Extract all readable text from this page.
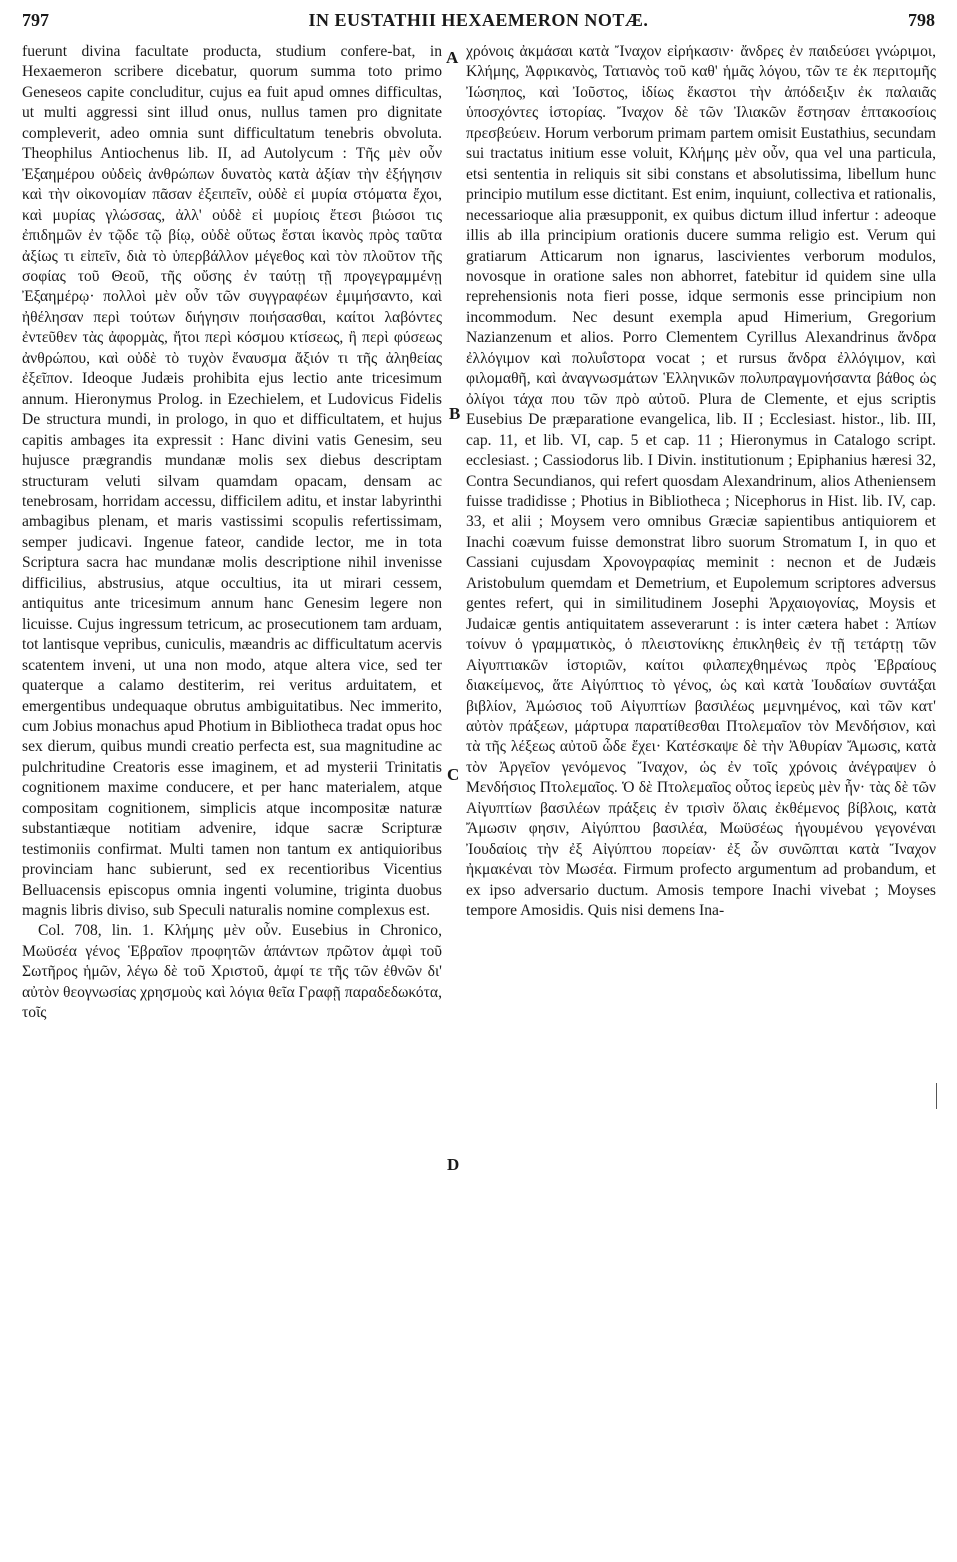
797	IN EUSTATHII HEXAEMERON NOTÆ.	798

fuerunt divina facultate producta, studium confere-bat, in Hexaemeron scribere dicebatur, quorum summa toto primo Geneseos capite concluditur, cujus ea fuit apud omnes difficultas, ut multi aggressi sint illud onus, nullus tamen pro dignitate compleverit, adeo omnia sunt difficultatum tenebris obvoluta. Theophilus Antiochenus lib. II, ad Autolycum : Τῆς μὲν οὖν Ἐξαημέρου οὐδεὶς ἀνθρώπων δυνατὸς κατὰ ἀξίαν τὴν ἐξήγησιν καὶ τὴν οἰκονομίαν πᾶσαν ἐξειπεῖν, οὐδὲ εἰ μυρία στόματα ἔχοι, καὶ μυρίας γλώσσας, ἀλλ' οὐδὲ εἰ μυρίοις ἔτεσι βιώσοι τις ἐπιδημῶν ἐν τῷδε τῷ βίῳ, οὐδὲ οὕτως ἔσται ἱκανὸς πρὸς ταῦτα ἀξίως τι εἰπεῖν, διὰ τὸ ὑπερβάλλον μέγεθος καὶ τὸν πλοῦτον τῆς σοφίας τοῦ Θεοῦ, τῆς οὔσης ἐν ταύτῃ τῇ προγεγραμμένῃ Ἐξαημέρῳ· πολλοὶ μὲν οὖν τῶν συγγραφέων ἐμιμήσαντο, καὶ ἠθέλησαν περὶ τούτων διήγησιν ποιήσασθαι, καίτοι λαβόντες ἐντεῦθεν τὰς ἀφορμὰς, ἤτοι περὶ κόσμου κτίσεως, ἢ περὶ φύσεως ἀνθρώπου, καὶ οὐδὲ τὸ τυχὸν ἔναυσμα ἄξιόν τι τῆς ἀληθείας ἐξεῖπον. Ideoque Judæis prohibita ejus lectio ante tricesimum annum. Hieronymus Prolog. in Ezechielem, et Ludovicus Fidelis De structura mundi, in prologo, in quo et difficultatem, et hujus capitis ambages ita expressit : Hanc divini vatis Genesim, seu hujusce prægrandis mundanæ molis sex diebus descriptam structuram veluti silvam quamdam opacam, densam ac tenebrosam, horridam accessu, difficilem aditu, et instar labyrinthi ambagibus plenam, et maris vastissimi scopulis refertissimam, semper judicavi. Ingenue fateor, candide lector, me in tota Scriptura sacra hac mundanæ molis descriptione nihil invenisse difficilius, abstrusius, atque occultius, ita ut mirari cessem, antiquitus ante tricesimum annum hanc Genesim legere non licuisse. Cujus ingressum tetricum, ac prosecutionem tam arduam, tot lantisque vepribus, cuniculis, mæandris ac difficultatum acervis scatentem inveni, ut una non modo, atque altera vice, sed ter quaterque a calamo destiterim, rei veritus arduitatem, et emergentibus undequaque obrutus ambiguitatibus. Nec immerito, cum Jobius monachus apud Photium in Bibliotheca tradat opus hoc sex dierum, quibus mundi creatio perfecta est, sua magnitudine ac pulchritudine Creatoris esse imaginem, et ad mysterii Trinitatis cognitionem maxime conducere, et per hanc materialem, atque compositam cognitionem, simplicis atque incompositæ naturæ substantiæque notitiam advenire, idque sacræ Scripturæ testimoniis confirmat. Multi tamen non tantum ex antiquioribus provinciam hanc subierunt, sed ex recentioribus Vicentius Belluacensis episcopus omnia ingenti volumine, triginta duobus magnis libris diviso, sub Speculi naturalis nomine complexus est.

Col. 708, lin. 1. Κλήμης μὲν οὖν. Eusebius in Chronico, Μωϋσέα γένος Ἑβραῖον προφητῶν ἁπάντων πρῶτον ἀμφὶ τοῦ Σωτῆρος ἡμῶν, λέγω δὲ τοῦ Χριστοῦ, ἀμφί τε τῆς τῶν ἐθνῶν δι' αὐτὸν θεογνωσίας χρησμοὺς καὶ λόγια θεῖα Γραφῇ παραδεδωκότα, τοῖς

A
B
C
D

χρόνοις ἀκμάσαι κατὰ Ἴναχον εἰρήκασιν· ἄνδρες ἐν παιδεύσει γνώριμοι, Κλήμης, Ἀφρικανὸς, Τατιανὸς τοῦ καθ' ἡμᾶς λόγου, τῶν τε ἐκ περιτομῆς Ἰώσηπος, καὶ Ἰοῦστος, ἰδίως ἕκαστοι τὴν ἀπόδειξιν ἐκ παλαιᾶς ὑποσχόντες ἱστορίας. Ἴναχον δὲ τῶν Ἰλιακῶν ἔστησαν ἑπτακοσίοις πρεσβεύειν. Horum verborum primam partem omisit Eustathius, secundam sui tractatus initium esse voluit, Κλήμης μὲν οὖν, qua vel una particula, etsi sententia in reliquis sit sibi constans et absolutissima, libellum hunc principio mutilum esse dictitant. Est enim, inquiunt, collectiva et rationalis, necessarioque alia præsupponit, ex quibus dictum illud infertur : adeoque illis ab illa principium orationis ducere summa religio est. Verum qui gratiarum Atticarum non ignarus, lascivientes verborum modulos, novosque in oratione sales non abhorret, fatebitur id quidem sine ulla reprehensionis nota fieri posse, idque sermonis esse principium non incommodum. Nec desunt exempla apud Himerium, Gregorium Nazianzenum et alios. Porro Clementem Cyrillus Alexandrinus ἄνδρα ἐλλόγιμον καὶ πολυΐστορα vocat ; et rursus ἄνδρα ἐλλόγιμον, καὶ φιλομαθῆ, καὶ ἀναγνωσμάτων Ἑλληνικῶν πολυπραγμονήσαντα βάθος ὡς ὀλίγοι τάχα που τῶν πρὸ αὐτοῦ. Plura de Clemente, et ejus scriptis Eusebius De præparatione evangelica, lib. II ; Ecclesiast. histor., lib. III, cap. 11, et lib. VI, cap. 5 et cap. 11 ; Hieronymus in Catalogo script. ecclesiast. ; Cassiodorus lib. I Divin. institutionum ; Epiphanius hæresi 32, Contra Secundianos, qui refert quosdam Alexandrinum, alios Atheniensem fuisse tradidisse ; Photius in Bibliotheca ; Nicephorus in Hist. lib. IV, cap. 33, et alii ; Moysem vero omnibus Græciæ sapientibus antiquiorem et Inachi coævum fuisse demonstrat libro suorum Stromatum I, in quo et Cassiani cujusdam Χρονογραφίας meminit : necnon et de Judæis Aristobulum quemdam et Demetrium, et Eupolemum scriptores adversus gentes refert, qui in similitudinem Josephi Ἀρχαιογονίας, Moysis et Judaicæ gentis antiquitatem asseverarunt : is inter cætera habet : Ἀπίων τοίνυν ὁ γραμματικὸς, ὁ πλειστονίκης ἐπικληθεὶς ἐν τῇ τετάρτῃ τῶν Αἰγυπτιακῶν ἱστοριῶν, καίτοι φιλαπεχθημένως πρὸς Ἑβραίους διακείμενος, ἅτε Αἰγύπτιος τὸ γένος, ὡς καὶ κατὰ Ἰουδαίων συντάξαι βιβλίον, Ἀμώσιος τοῦ Αἰγυπτίων βασιλέως μεμνημένος, καὶ τῶν κατ' αὐτὸν πράξεων, μάρτυρα παρατίθεσθαι Πτολεμαῖον τὸν Μενδήσιον, καὶ τὰ τῆς λέξεως αὐτοῦ ὧδε ἔχει· Κατέσκαψε δὲ τὴν Ἀθυρίαν Ἄμωσις, κατὰ τὸν Ἀργεῖον γενόμενος Ἴναχον, ὡς ἐν τοῖς χρόνοις ἀνέγραψεν ὁ Μενδήσιος Πτολεμαῖος. Ὁ δὲ Πτολεμαῖος οὗτος ἱερεὺς μὲν ἦν· τὰς δὲ τῶν Αἰγυπτίων βασιλέων πράξεις ἐν τρισὶν ὅλαις ἐκθέμενος βίβλοις, κατὰ Ἄμωσιν φησιν, Αἰγύπτου βασιλέα, Μωϋσέως ἡγουμένου γεγονέναι Ἰουδαίοις τὴν ἐξ Αἰγύπτου πορείαν· ἐξ ὧν συνῶπται κατὰ Ἴναχον ἠκμακέναι τὸν Μωσέα. Firmum profecto argumentum ad probandum, et ex ipso adversario ductum. Amosis tempore Inachi vivebat ; Moyses tempore Amosidis. Quis nisi demens Ina-
